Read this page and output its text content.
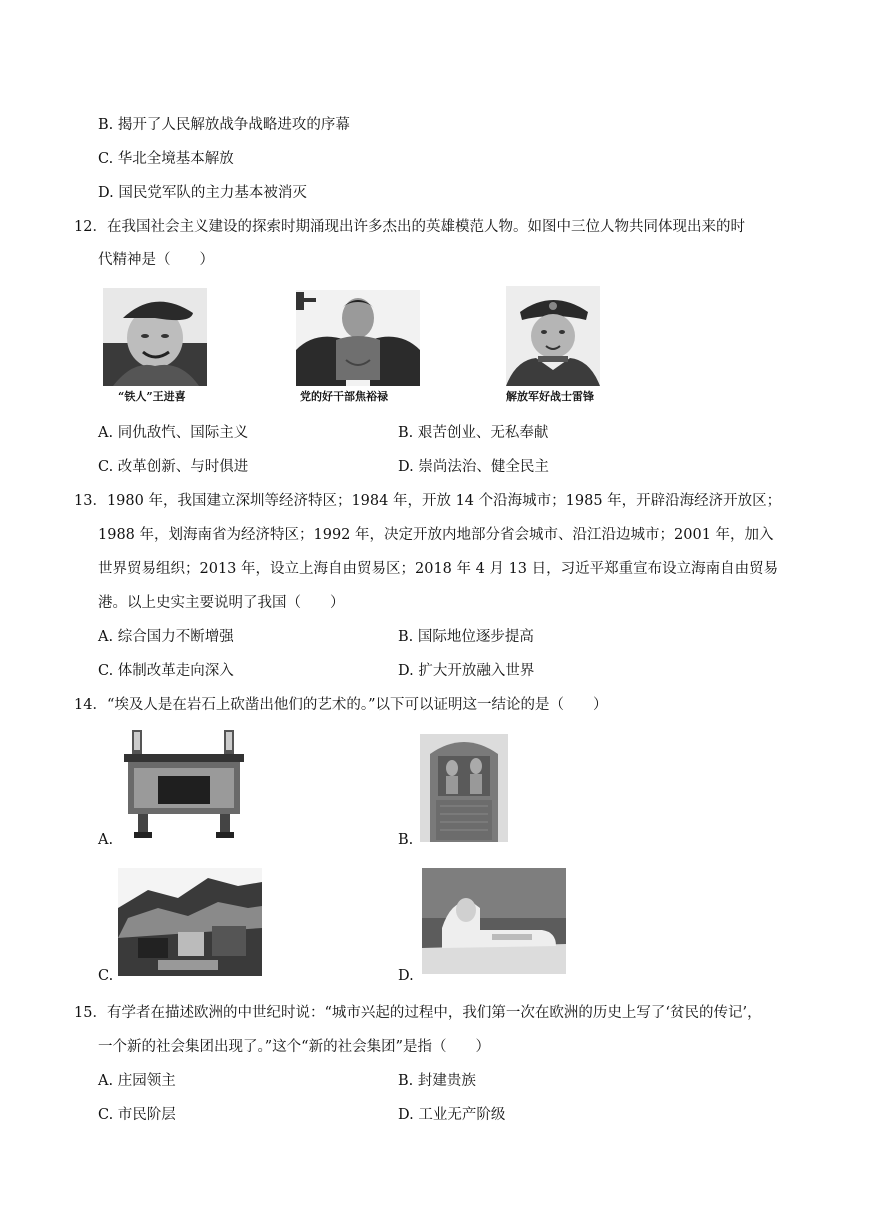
B. 揭开了人民解放战争战略进攻的序幕
C. 华北全境基本解放
D. 国民党军队的主力基本被消灭
12．在我国社会主义建设的探索时期涌现出许多杰出的英雄模范人物。如图中三位人物共同体现出来的时
代精神是（　　）
“铁人”王进喜	党的好干部焦裕禄	解放军好战士雷锋
A. 同仇敌忾、国际主义	B. 艰苦创业、无私奉献
C. 改革创新、与时俱进	D. 崇尚法治、健全民主
13．1980 年，我国建立深圳等经济特区；1984 年，开放 14 个沿海城市；1985 年，开辟沿海经济开放区；
1988 年，划海南省为经济特区；1992 年，决定开放内地部分省会城市、沿江沿边城市；2001 年，加入
世界贸易组织；2013 年，设立上海自由贸易区；2018 年 4 月 13 日，习近平郑重宣布设立海南自由贸易
港。以上史实主要说明了我国（　　）
A. 综合国力不断增强	B. 国际地位逐步提高
C. 体制改革走向深入	D. 扩大开放融入世界
14．“埃及人是在岩石上砍凿出他们的艺术的。”以下可以证明这一结论的是（　　）
A.	B.
C.	D.
15．有学者在描述欧洲的中世纪时说：“城市兴起的过程中，我们第一次在欧洲的历史上写了‘贫民的传记’，
一个新的社会集团出现了。”这个“新的社会集团”是指（　　）
A. 庄园领主	B. 封建贵族
C. 市民阶层	D. 工业无产阶级
